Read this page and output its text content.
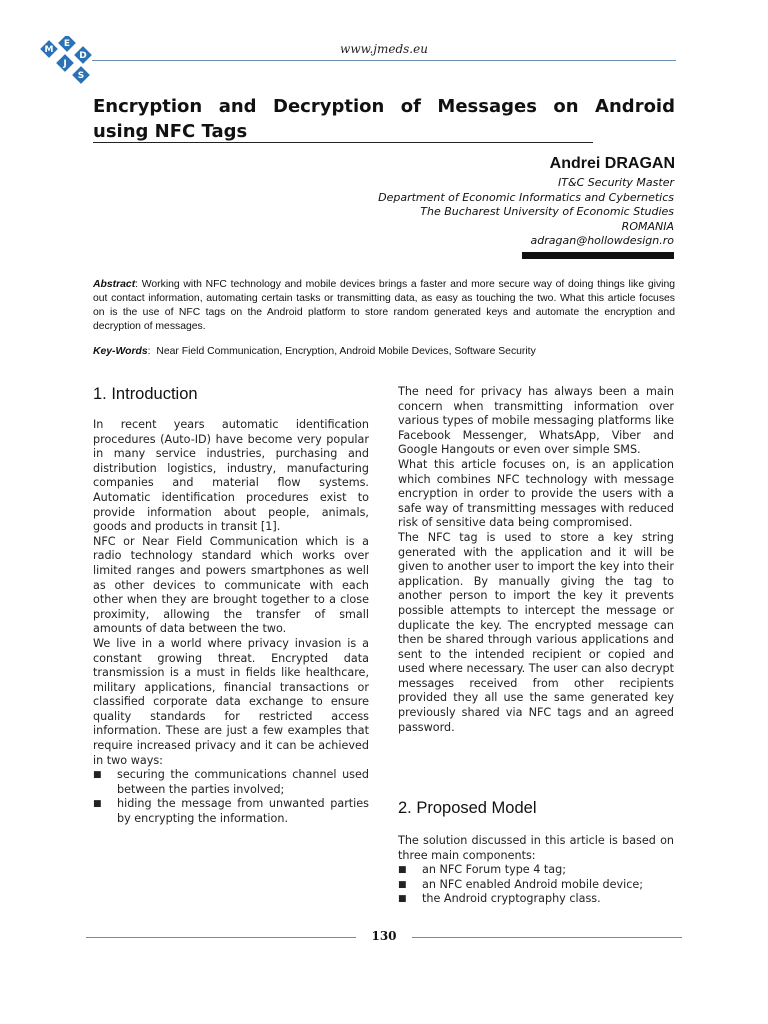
M
E
J
D
S
www.jmeds.eu
Encryption and Decryption of Messages on Android using NFC Tags
Andrei DRAGAN
IT&C Security Master
Department of Economic Informatics and Cybernetics
The Bucharest University of Economic Studies
ROMANIA
adragan@hollowdesign.ro

Abstract: Working with NFC technology and mobile devices brings a faster and more secure way of doing things like giving out contact information, automating certain tasks or transmitting data, as easy as touching the two. What this article focuses on is the use of NFC tags on the Android platform to store random generated keys and automate the encryption and decryption of messages.

Key-Words:  Near Field Communication, Encryption, Android Mobile Devices, Software Security

1. Introduction

In recent years automatic identification procedures (Auto-ID) have become very popular in many service industries, purchasing and distribution logistics, industry, manufacturing companies and material flow systems. Automatic identification procedures exist to provide information about people, animals, goods and products in transit [1].

NFC or Near Field Communication which is a radio technology standard which works over limited ranges and powers smartphones as well as other devices to communicate with each other when they are brought together to a close proximity, allowing the transfer of small amounts of data between the two.

We live in a world where privacy invasion is a constant growing threat. Encrypted data transmission is a must in fields like healthcare, military applications, financial transactions or classified corporate data exchange to ensure quality standards for restricted access information. These are just a few examples that require increased privacy and it can be achieved in two ways:

■ securing the communications channel used between the parties involved;
■ hiding the message from unwanted parties by encrypting the information.

The need for privacy has always been a main concern when transmitting information over various types of mobile messaging platforms like Facebook Messenger, WhatsApp, Viber and Google Hangouts or even over simple SMS.

What this article focuses on, is an application which combines NFC technology with message encryption in order to provide the users with a safe way of transmitting messages with reduced risk of sensitive data being compromised.

The NFC tag is used to store a key string generated with the application and it will be given to another user to import the key into their application. By manually giving the tag to another person to import the key it prevents possible attempts to intercept the message or duplicate the key. The encrypted message can then be shared through various applications and sent to the intended recipient or copied and used where necessary. The user can also decrypt messages received from other recipients provided they all use the same generated key previously shared via NFC tags and an agreed password.

2. Proposed Model

The solution discussed in this article is based on three main components:

■ an NFC Forum type 4 tag;
■ an NFC enabled Android mobile device;
■ the Android cryptography class.
130
